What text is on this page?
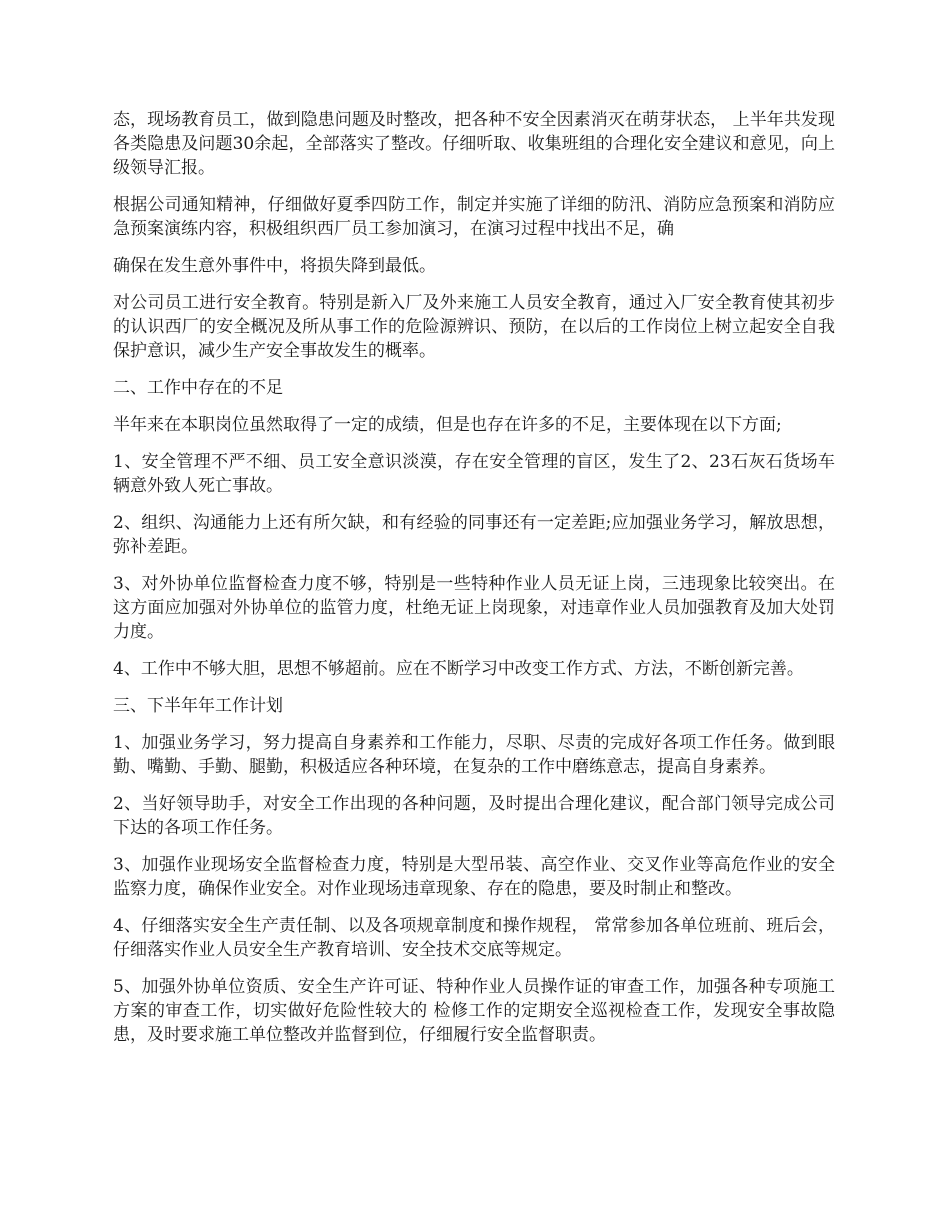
态，现场教育员工，做到隐患问题及时整改，把各种不安全因素消灭在萌芽状态， 上半年共发现各类隐患及问题30余起，全部落实了整改。仔细听取、收集班组的合理化安全建议和意见，向上级领导汇报。

根据公司通知精神，仔细做好夏季四防工作，制定并实施了详细的防汛、消防应急预案和消防应急预案演练内容，积极组织西厂员工参加演习，在演习过程中找出不足，确

确保在发生意外事件中，将损失降到最低。

对公司员工进行安全教育。特别是新入厂及外来施工人员安全教育，通过入厂安全教育使其初步的认识西厂的安全概况及所从事工作的危险源辨识、预防，在以后的工作岗位上树立起安全自我保护意识，减少生产安全事故发生的概率。

二、工作中存在的不足

半年来在本职岗位虽然取得了一定的成绩，但是也存在许多的不足，主要体现在以下方面;

1、安全管理不严不细、员工安全意识淡漠，存在安全管理的盲区，发生了2、23石灰石货场车辆意外致人死亡事故。

2、组织、沟通能力上还有所欠缺，和有经验的同事还有一定差距;应加强业务学习，解放思想，弥补差距。

3、对外协单位监督检查力度不够，特别是一些特种作业人员无证上岗，三违现象比较突出。在这方面应加强对外协单位的监管力度，杜绝无证上岗现象，对违章作业人员加强教育及加大处罚力度。

4、工作中不够大胆，思想不够超前。应在不断学习中改变工作方式、方法，不断创新完善。

三、下半年年工作计划

1、加强业务学习，努力提高自身素养和工作能力，尽职、尽责的完成好各项工作任务。做到眼勤、嘴勤、手勤、腿勤，积极适应各种环境，在复杂的工作中磨练意志，提高自身素养。

2、当好领导助手，对安全工作出现的各种问题，及时提出合理化建议，配合部门领导完成公司下达的各项工作任务。

3、加强作业现场安全监督检查力度，特别是大型吊装、高空作业、交叉作业等高危作业的安全监察力度，确保作业安全。对作业现场违章现象、存在的隐患，要及时制止和整改。

4、仔细落实安全生产责任制、以及各项规章制度和操作规程， 常常参加各单位班前、班后会，仔细落实作业人员安全生产教育培训、安全技术交底等规定。

5、加强外协单位资质、安全生产许可证、特种作业人员操作证的审查工作，加强各种专项施工方案的审查工作，切实做好危险性较大的 检修工作的定期安全巡视检查工作，发现安全事故隐患，及时要求施工单位整改并监督到位，仔细履行安全监督职责。
